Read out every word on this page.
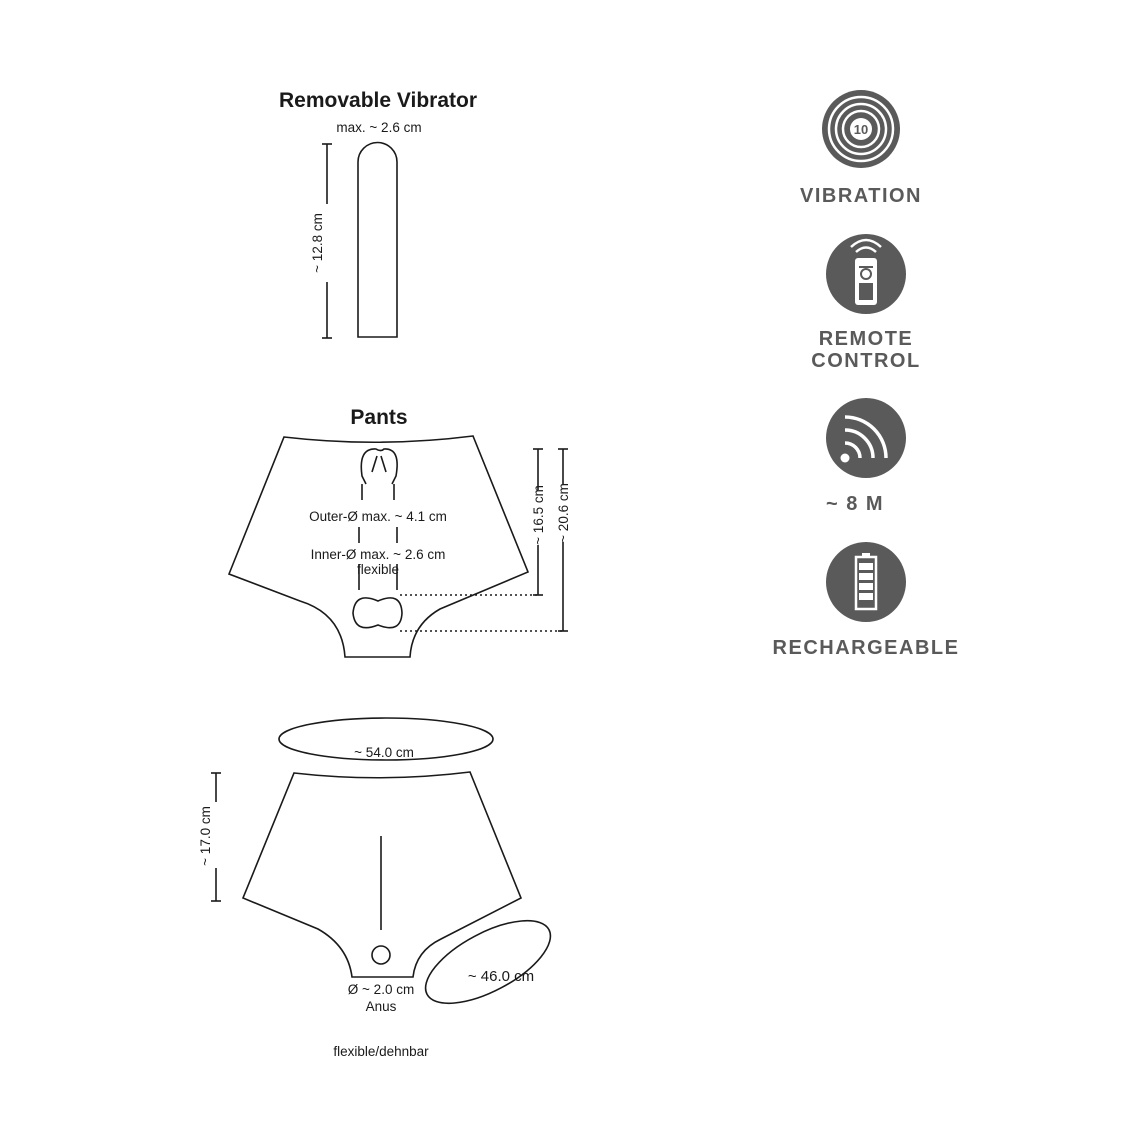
Removable Vibrator
max. ~ 2.6 cm
~ 12.8 cm
Pants
Outer-Ø max. ~ 4.1 cm
Inner-Ø max. ~ 2.6 cm
flexible
~ 16.5 cm ~ 20.6 cm
~ 54.0 cm
~ 17.0 cm
~ 46.0 cm
Ø ~ 2.0 cm
Anus
flexible/dehnbar
10
VIBRATION
REMOTE
CONTROL
~ 8 M
RECHARGEABLE
